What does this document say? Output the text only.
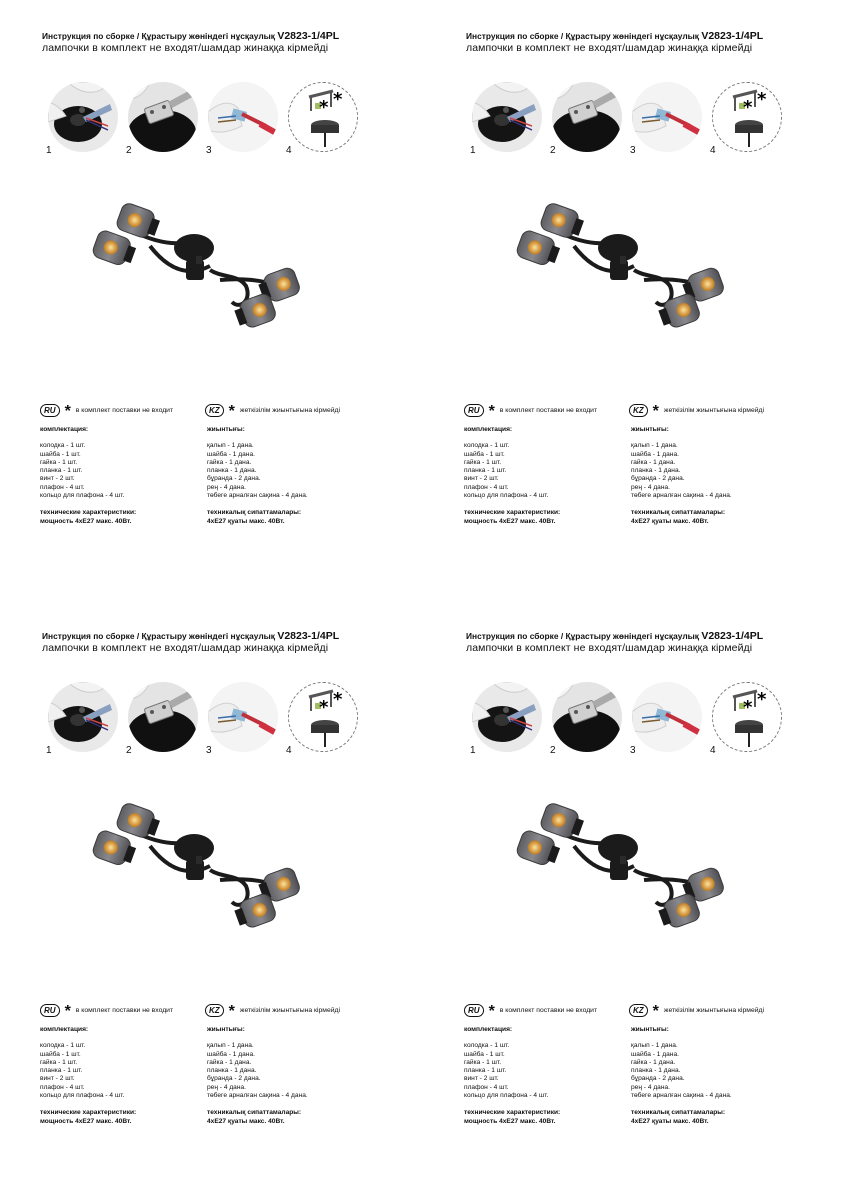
Инструкция по сборке / Құрастыру жөніндегі нұсқаулық V2823-1/4PL
лампочки в комплект не входят/шамдар жинаққа кірмейді
* *
1	2	3	4
RU * в комплект поставки не входит	KZ * жеткізілім жиынтығына кірмейді
комплектация:
колодка - 1 шт.
шайба - 1 шт.
гайка - 1 шт.
планка - 1 шт.
винт - 2 шт.
плафон - 4 шт.
кольцо для плафона - 4 шт.
технические характеристики:
мощность 4xE27 макс. 40Вт.
жиынтығы:
қалып - 1 дана.
шайба - 1 дана.
гайка - 1 дана.
планка - 1 дана.
бұранда - 2 дана.
рең - 4 дана.
төбеге арналған сақина - 4 дана.
техникалық сипаттамалары:
4xE27 қуаты макс. 40Вт.
Инструкция по сборке / Құрастыру жөніндегі нұсқаулық V2823-1/4PL
лампочки в комплект не входят/шамдар жинаққа кірмейді
* *
1	2	3	4
RU * в комплект поставки не входит	KZ * жеткізілім жиынтығына кірмейді
комплектация:
колодка - 1 шт.
шайба - 1 шт.
гайка - 1 шт.
планка - 1 шт.
винт - 2 шт.
плафон - 4 шт.
кольцо для плафона - 4 шт.
технические характеристики:
мощность 4xE27 макс. 40Вт.
жиынтығы:
қалып - 1 дана.
шайба - 1 дана.
гайка - 1 дана.
планка - 1 дана.
бұранда - 2 дана.
рең - 4 дана.
төбеге арналған сақина - 4 дана.
техникалық сипаттамалары:
4xE27 қуаты макс. 40Вт.
Инструкция по сборке / Құрастыру жөніндегі нұсқаулық V2823-1/4PL
лампочки в комплект не входят/шамдар жинаққа кірмейді
* *
1	2	3	4
RU * в комплект поставки не входит	KZ * жеткізілім жиынтығына кірмейді
комплектация:
колодка - 1 шт.
шайба - 1 шт.
гайка - 1 шт.
планка - 1 шт.
винт - 2 шт.
плафон - 4 шт.
кольцо для плафона - 4 шт.
технические характеристики:
мощность 4xE27 макс. 40Вт.
жиынтығы:
қалып - 1 дана.
шайба - 1 дана.
гайка - 1 дана.
планка - 1 дана.
бұранда - 2 дана.
рең - 4 дана.
төбеге арналған сақина - 4 дана.
техникалық сипаттамалары:
4xE27 қуаты макс. 40Вт.
Инструкция по сборке / Құрастыру жөніндегі нұсқаулық V2823-1/4PL
лампочки в комплект не входят/шамдар жинаққа кірмейді
* *
1	2	3	4
RU * в комплект поставки не входит	KZ * жеткізілім жиынтығына кірмейді
комплектация:
колодка - 1 шт.
шайба - 1 шт.
гайка - 1 шт.
планка - 1 шт.
винт - 2 шт.
плафон - 4 шт.
кольцо для плафона - 4 шт.
технические характеристики:
мощность 4xE27 макс. 40Вт.
жиынтығы:
қалып - 1 дана.
шайба - 1 дана.
гайка - 1 дана.
планка - 1 дана.
бұранда - 2 дана.
рең - 4 дана.
төбеге арналған сақина - 4 дана.
техникалық сипаттамалары:
4xE27 қуаты макс. 40Вт.
